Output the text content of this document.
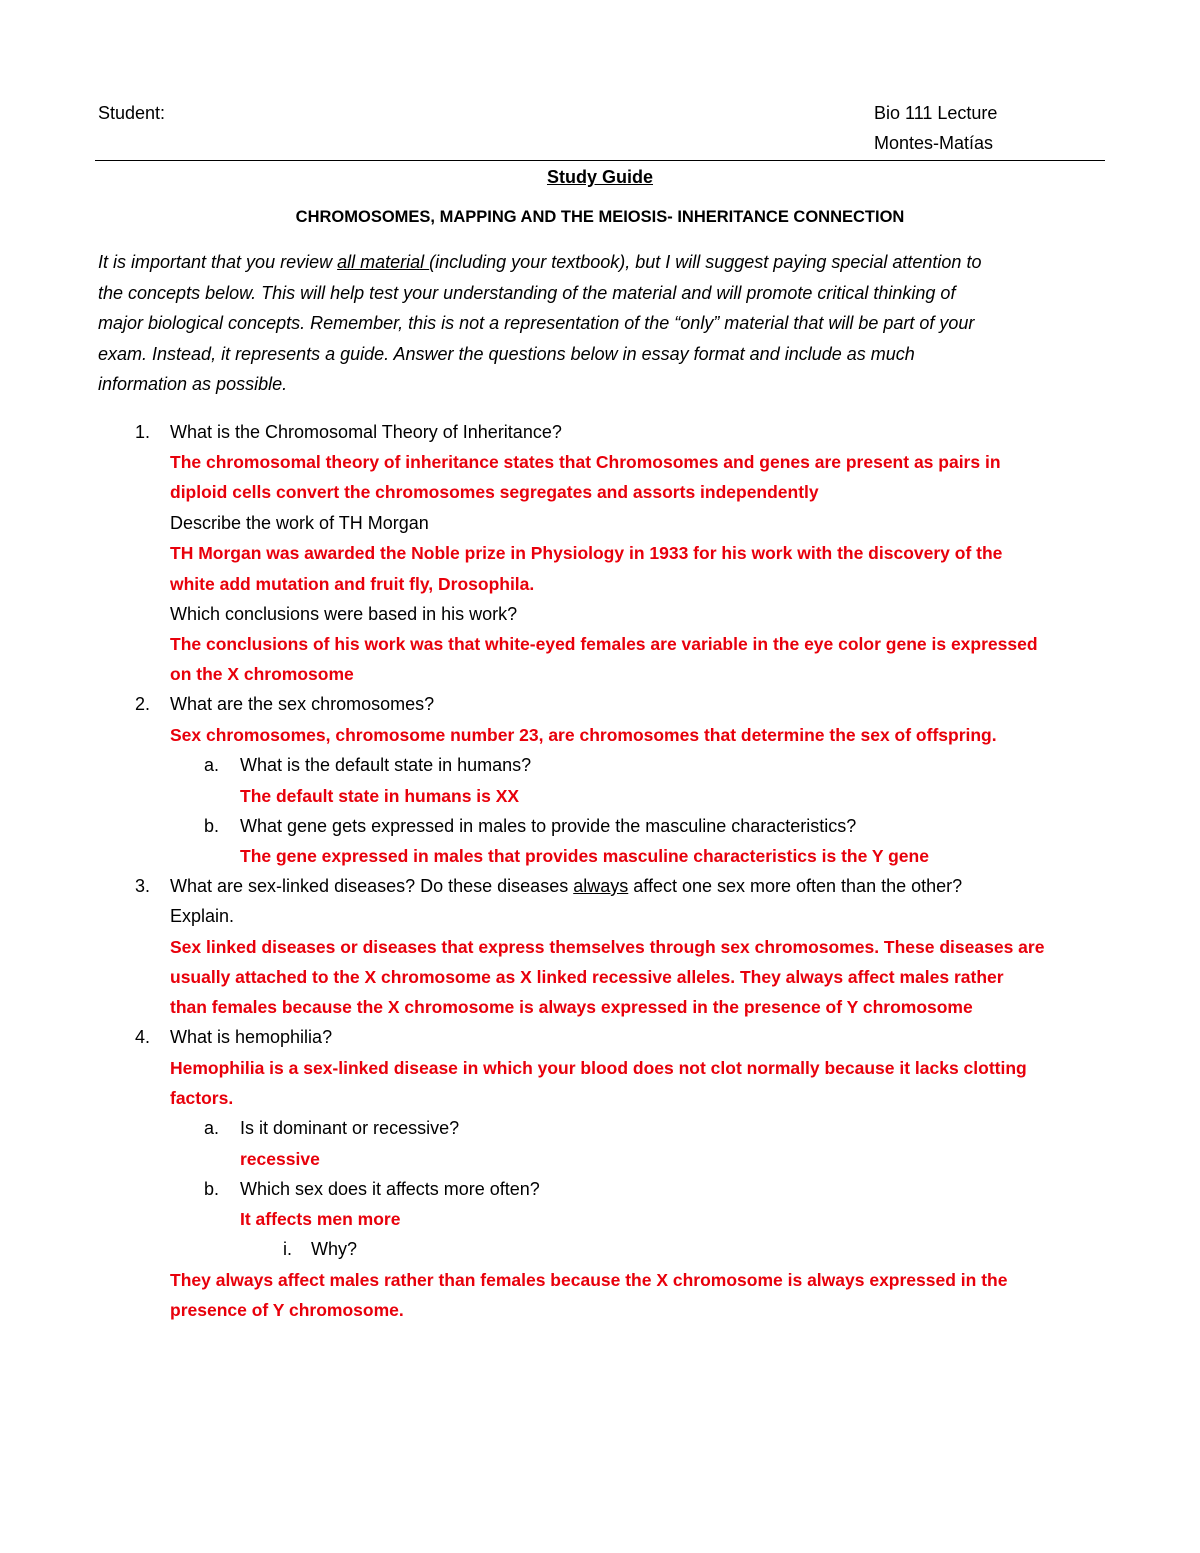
Student:	Bio 111 Lecture
Montes-Matías
Study Guide
CHROMOSOMES, MAPPING AND THE MEIOSIS- INHERITANCE CONNECTION

It is important that you review all material (including your textbook), but I will suggest paying special attention to

the concepts below. This will help test your understanding of the material and will promote critical thinking of

major biological concepts. Remember, this is not a representation of the “only” material that will be part of your

exam. Instead, it represents a guide. Answer the questions below in essay format and include as much

information as possible.

1. What is the Chromosomal Theory of Inheritance?
The chromosomal theory of inheritance states that Chromosomes and genes are present as pairs in
diploid cells convert the chromosomes segregates and assorts independently
Describe the work of TH Morgan
TH Morgan was awarded the Noble prize in Physiology in 1933 for his work with the discovery of the
white add mutation and fruit fly, Drosophila.
Which conclusions were based in his work?
The conclusions of his work was that white-eyed females are variable in the eye color gene is expressed
on the X chromosome
2. What are the sex chromosomes?
Sex chromosomes, chromosome number 23, are chromosomes that determine the sex of offspring.
a. What is the default state in humans?
The default state in humans is XX
b. What gene gets expressed in males to provide the masculine characteristics?
The gene expressed in males that provides masculine characteristics is the Y gene
3. What are sex-linked diseases? Do these diseases always affect one sex more often than the other?
Explain.
Sex linked diseases or diseases that express themselves through sex chromosomes. These diseases are
usually attached to the X chromosome as X linked recessive alleles. They always affect males rather
than females because the X chromosome is always expressed in the presence of Y chromosome
4. What is hemophilia?
Hemophilia is a sex-linked disease in which your blood does not clot normally because it lacks clotting
factors.
a. Is it dominant or recessive?
recessive
b. Which sex does it affects more often?
It affects men more
i. Why?
They always affect males rather than females because the X chromosome is always expressed in the
presence of Y chromosome.
